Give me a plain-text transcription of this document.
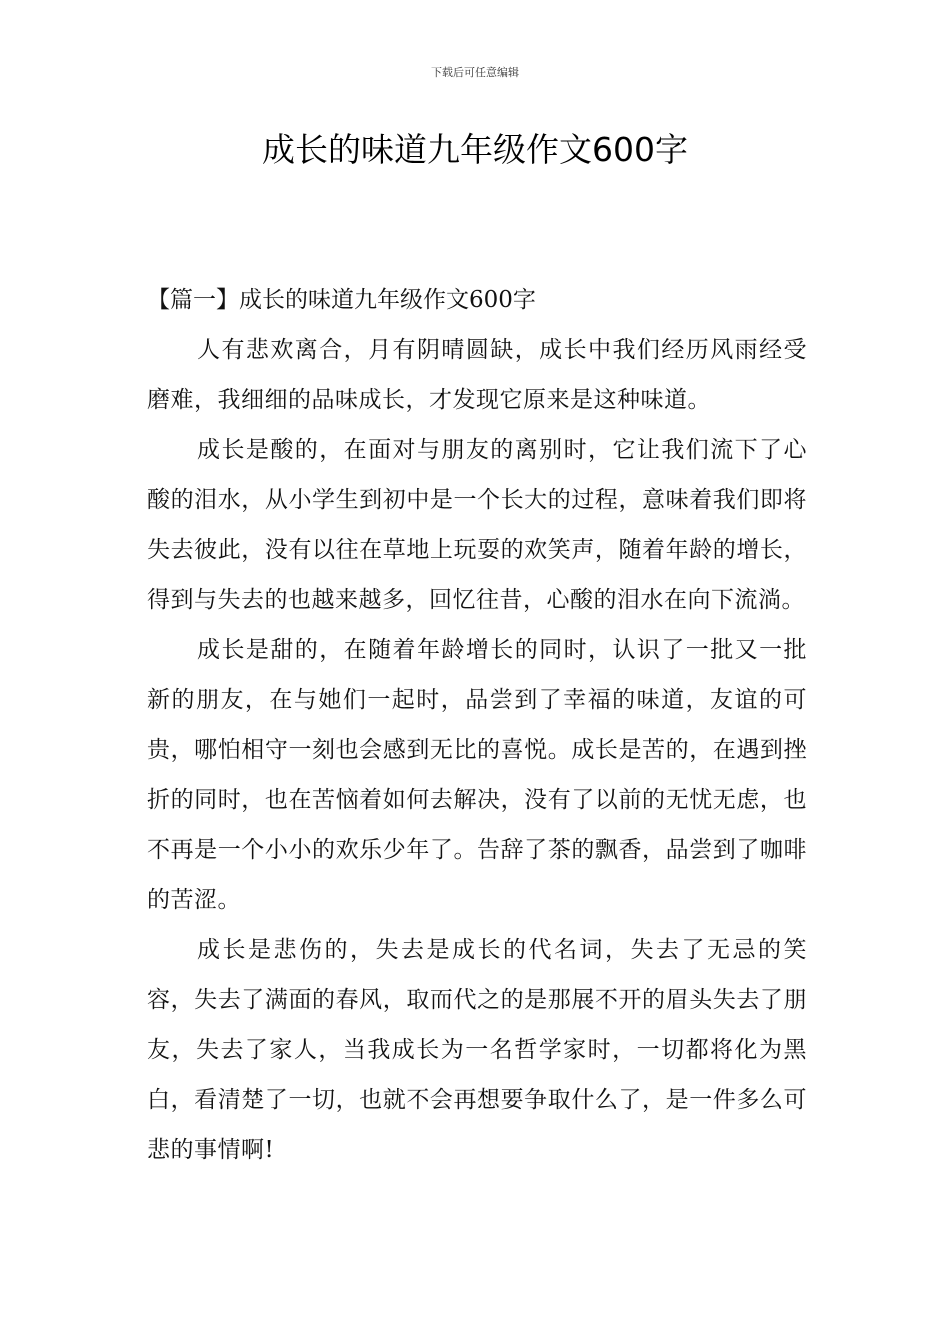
下载后可任意编辑
成长的味道九年级作文600字

【篇一】成长的味道九年级作文600字

人有悲欢离合，月有阴晴圆缺，成长中我们经历风雨经受磨难，我细细的品味成长，才发现它原来是这种味道。

成长是酸的，在面对与朋友的离别时，它让我们流下了心酸的泪水，从小学生到初中是一个长大的过程，意味着我们即将失去彼此，没有以往在草地上玩耍的欢笑声，随着年龄的增长，得到与失去的也越来越多，回忆往昔，心酸的泪水在向下流淌。

成长是甜的，在随着年龄增长的同时，认识了一批又一批新的朋友，在与她们一起时，品尝到了幸福的味道，友谊的可贵，哪怕相守一刻也会感到无比的喜悦。成长是苦的，在遇到挫折的同时，也在苦恼着如何去解决，没有了以前的无忧无虑，也不再是一个小小的欢乐少年了。告辞了茶的飘香，品尝到了咖啡的苦涩。

成长是悲伤的，失去是成长的代名词，失去了无忌的笑容，失去了满面的春风，取而代之的是那展不开的眉头失去了朋友，失去了家人，当我成长为一名哲学家时，一切都将化为黑白，看清楚了一切，也就不会再想要争取什么了，是一件多么可悲的事情啊!
